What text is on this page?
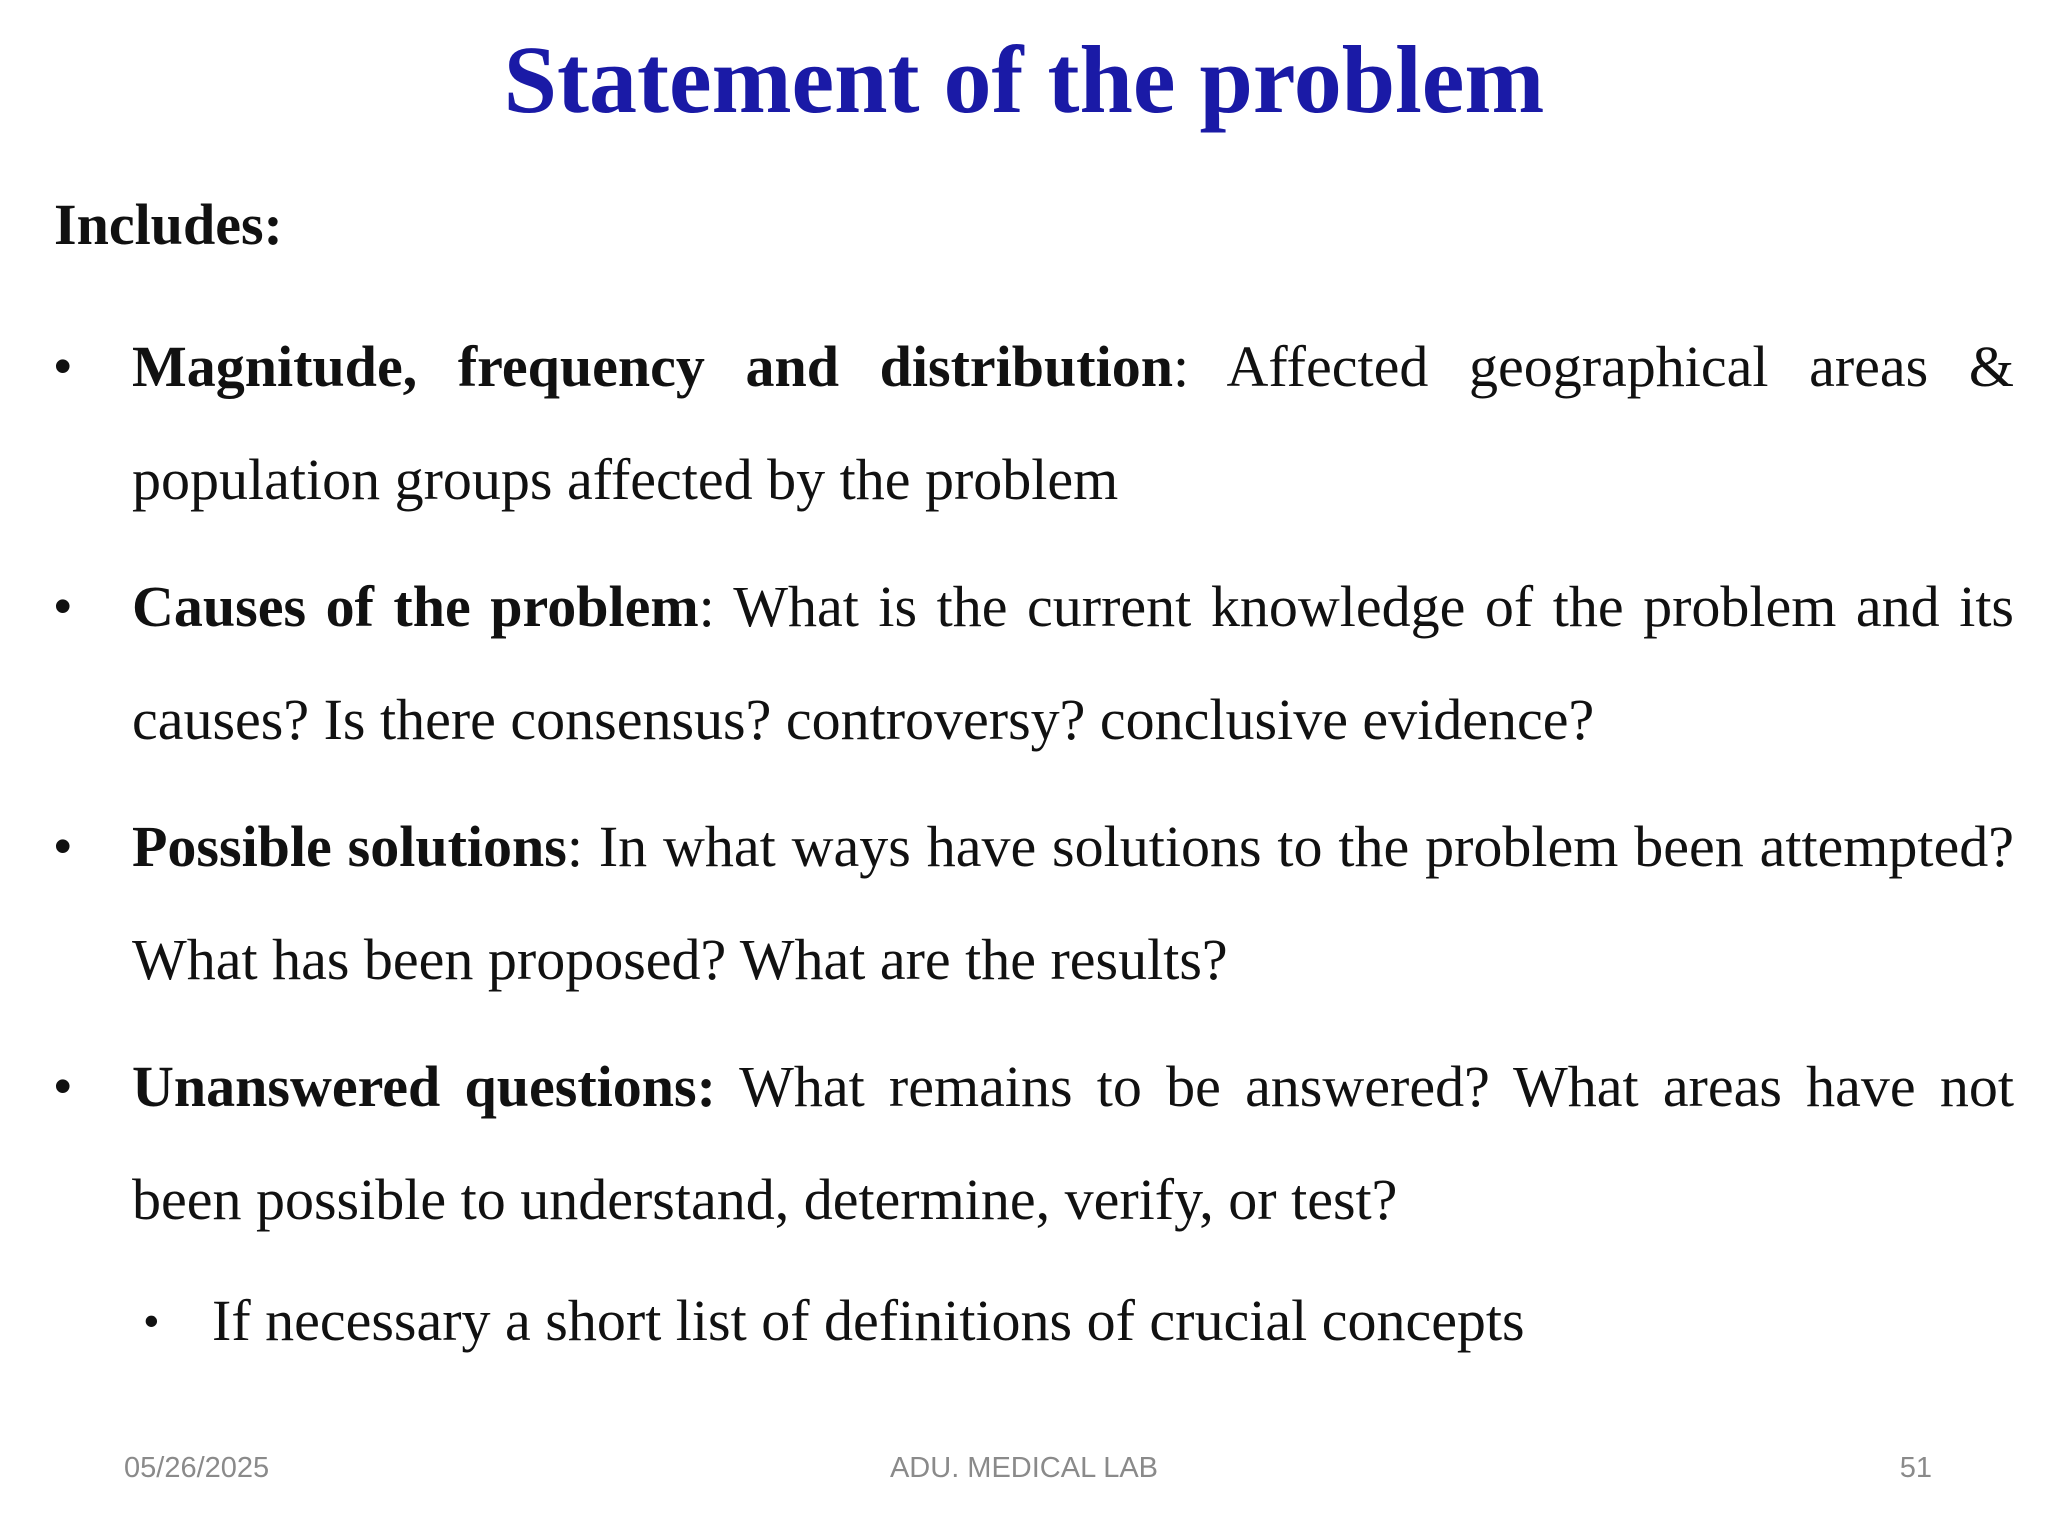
Statement of the problem
Includes:
• Magnitude, frequency and distribution: Affected geographical areas & population groups affected by the problem
• Causes of the problem: What is the current knowledge of the problem and its causes? Is there consensus? controversy? conclusive evidence?
• Possible solutions: In what ways have solutions to the problem been attempted? What has been proposed? What are the results?
• Unanswered questions: What remains to be answered? What areas have not been possible to understand, determine, verify, or test?
• If necessary a short list of definitions of crucial concepts
05/26/2025	ADU. MEDICAL LAB	51
